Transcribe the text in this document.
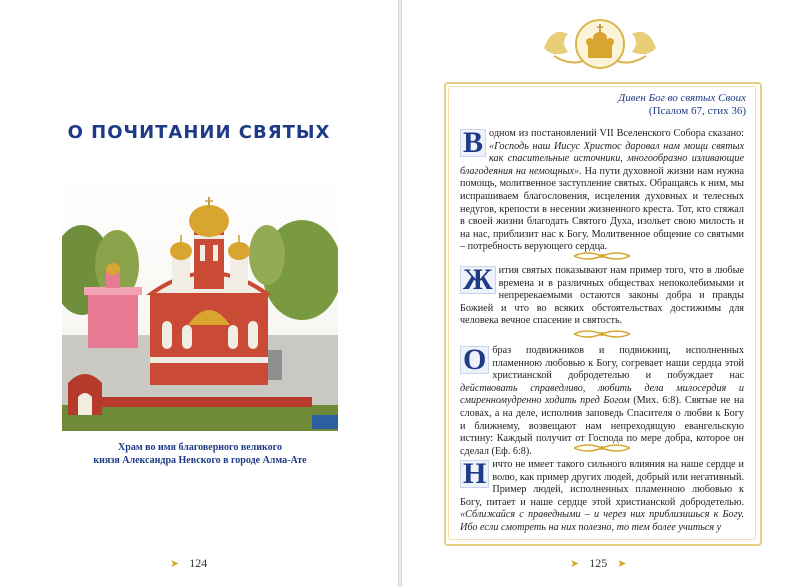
О ПОЧИТАНИИ СВЯТЫХ
Храм во имя благоверного великого
князя Александра Невского в городе Алма-Ате
➤ 124
Дивен Бог во святых Своих
(Псалом 67, стих 36)
В одном из постановлений VII Вселенского Собора сказано: «Господь наш Иисус Христос даровал нам мощи святых как спасительные источники, многообразно изливающие благодеяния на немощных». На пути духовной жизни нам нужна помощь, молитвенное заступление святых. Обращаясь к ним, мы испрашиваем благословения, исцеления духовных и телесных недугов, крепости в несении жизненного креста. Тот, кто стяжал в своей жизни благодать Святого Духа, изольет свою милость и на нас, приблизит нас к Богу. Молитвенное общение со святыми – потребность верующего сердца.
Ж ития святых показывают нам пример того, что в любые времена и в различных обществах непоколебимыми и непререкаемыми остаются законы добра и правды Божией и что во всяких обстоятельствах достижимы для человека вечное спасение и святость.
О браз подвижников и подвижниц, исполненных пламенною любовью к Богу, согревает наши сердца этой христианской добродетелью и побуждает нас действовать справедливо, любить дела милосердия и смиренномудренно ходить пред Богом (Мих. 6:8). Святые не на словах, а на деле, исполнив заповедь Спасителя о любви к Богу и ближнему, возвещают нам непреходящую евангельскую истину: Каждый получит от Господа по мере добра, которое он сделал (Еф. 6:8).
Н ичто не имеет такого сильного влияния на наше сердце и волю, как пример других людей, добрый или негативный. Пример людей, исполненных пламенною любовью к Богу, питает и наше сердце этой христианской добродетелью. «Сближайся с праведными – и через них приблизишься к Богу. Ибо если смотреть на них полезно, то тем более учиться у
➤ 125 ➤
